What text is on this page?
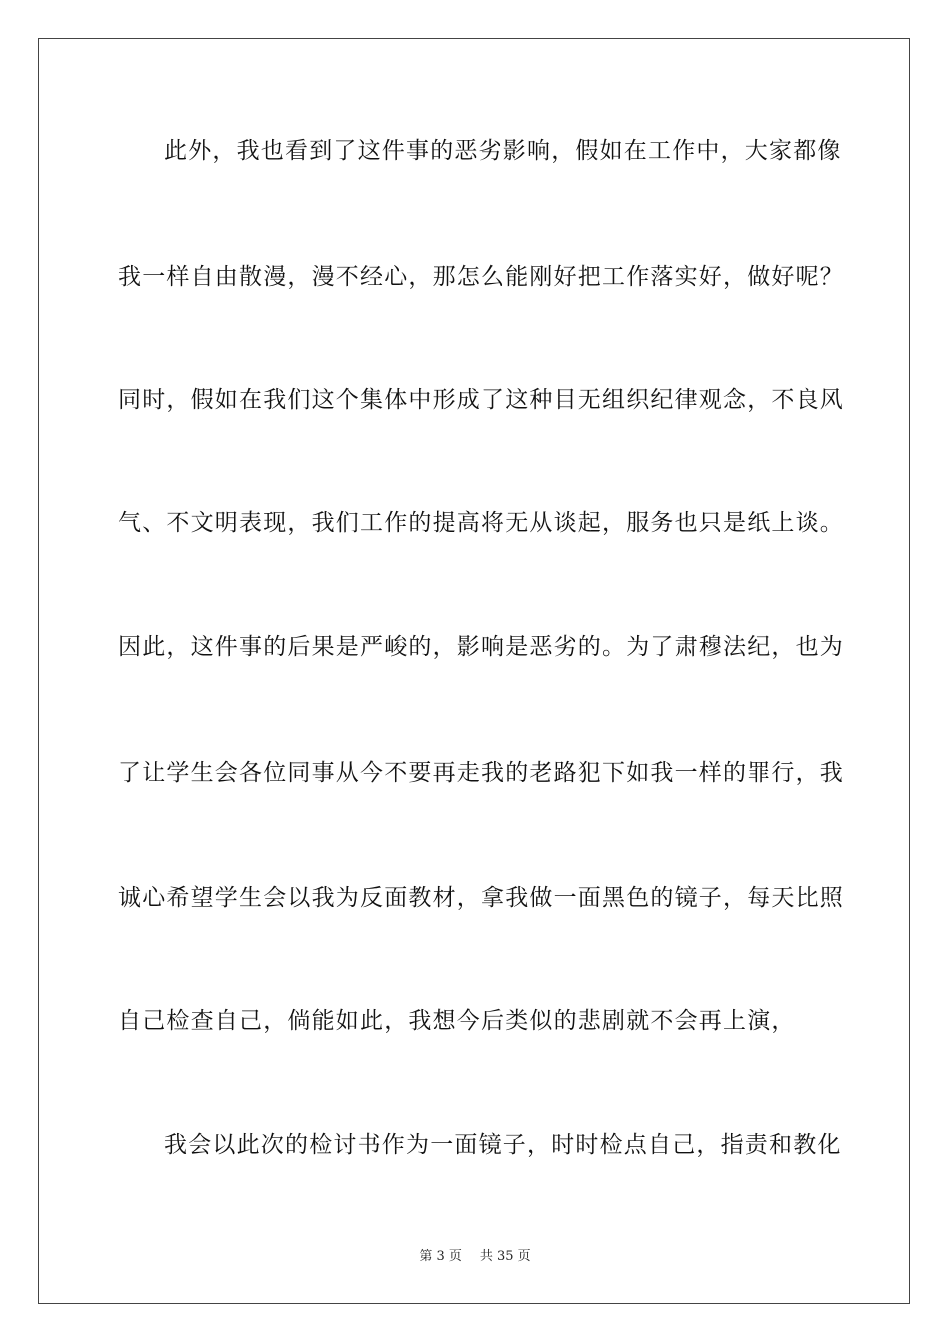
此外，我也看到了这件事的恶劣影响，假如在工作中，大家都像
我一样自由散漫，漫不经心，那怎么能刚好把工作落实好，做好呢？
同时，假如在我们这个集体中形成了这种目无组织纪律观念，不良风
气、不文明表现，我们工作的提高将无从谈起，服务也只是纸上谈。
因此，这件事的后果是严峻的，影响是恶劣的。为了肃穆法纪，也为
了让学生会各位同事从今不要再走我的老路犯下如我一样的罪行，我
诚心希望学生会以我为反面教材，拿我做一面黑色的镜子，每天比照
自己检查自己，倘能如此，我想今后类似的悲剧就不会再上演，
我会以此次的检讨书作为一面镜子，时时检点自己，指责和教化
第 3 页 共 35 页
